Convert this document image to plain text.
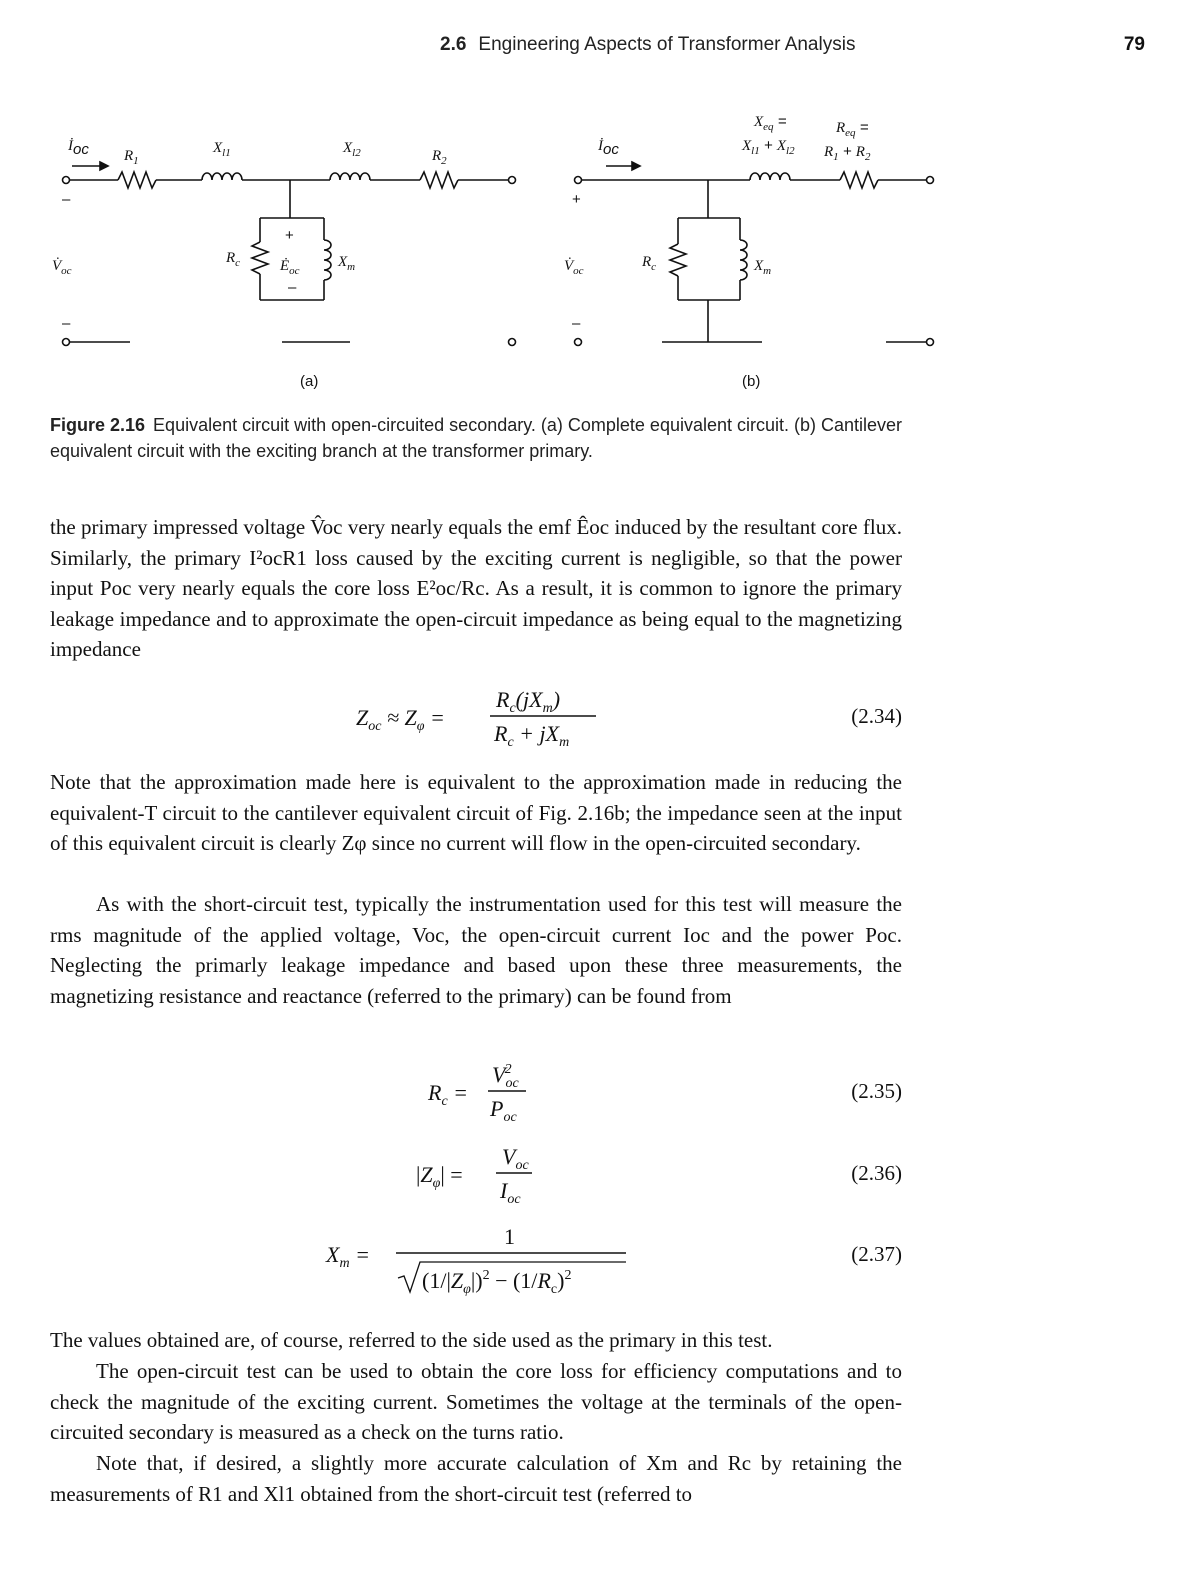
2.6 Engineering Aspects of Transformer Analysis	79
İoc $R_1$
$X_{l1}$	$X_{l2}$	$R_2$
–
$V̇_{oc}$
–
$R_c$	$Ė_{oc}$
+
–
$X_m$
(a)
İoc
+
$V̇_{oc}$
–
$R_c$	$X_m$
$X_{eq}$ =
$X_{l1} + X_{l2}$
$R_{eq}$ =
$R_1 + R_2$
(b)
Figure 2.16 Equivalent circuit with open-circuited secondary. (a) Complete equivalent circuit. (b) Cantilever equivalent circuit with the exciting branch at the transformer primary.
the primary impressed voltage V̂oc very nearly equals the emf Êoc induced by the resultant core flux. Similarly, the primary I²ocR1 loss caused by the exciting current is negligible, so that the power input Poc very nearly equals the core loss E²oc/Rc. As a result, it is common to ignore the primary leakage impedance and to approximate the open-circuit impedance as being equal to the magnetizing impedance
$Z_{oc} \approx Z_\varphi$ =
$R_c(jX_m)$
$R_c + jX_m$
(2.34)
Note that the approximation made here is equivalent to the approximation made in reducing the equivalent-T circuit to the cantilever equivalent circuit of Fig. 2.16b; the impedance seen at the input of this equivalent circuit is clearly Zφ since no current will flow in the open-circuited secondary.
As with the short-circuit test, typically the instrumentation used for this test will measure the rms magnitude of the applied voltage, Voc, the open-circuit current Ioc and the power Poc. Neglecting the primarly leakage impedance and based upon these three measurements, the magnetizing resistance and reactance (referred to the primary) can be found from
$R_c$ =
$V_{oc}2$
$P_{oc}$
(2.35)
$|Z_\varphi|$ =
$V_{oc}$
$I_{oc}$
(2.36)
$X_m$ =
1
$(1/|Z_\varphi|)^2 - (1/R_c)^2$
(2.37)
The values obtained are, of course, referred to the side used as the primary in this test.
The open-circuit test can be used to obtain the core loss for efficiency computations and to check the magnitude of the exciting current. Sometimes the voltage at the terminals of the open-circuited secondary is measured as a check on the turns ratio.
Note that, if desired, a slightly more accurate calculation of Xm and Rc by retaining the measurements of R1 and Xl1 obtained from the short-circuit test (referred to
